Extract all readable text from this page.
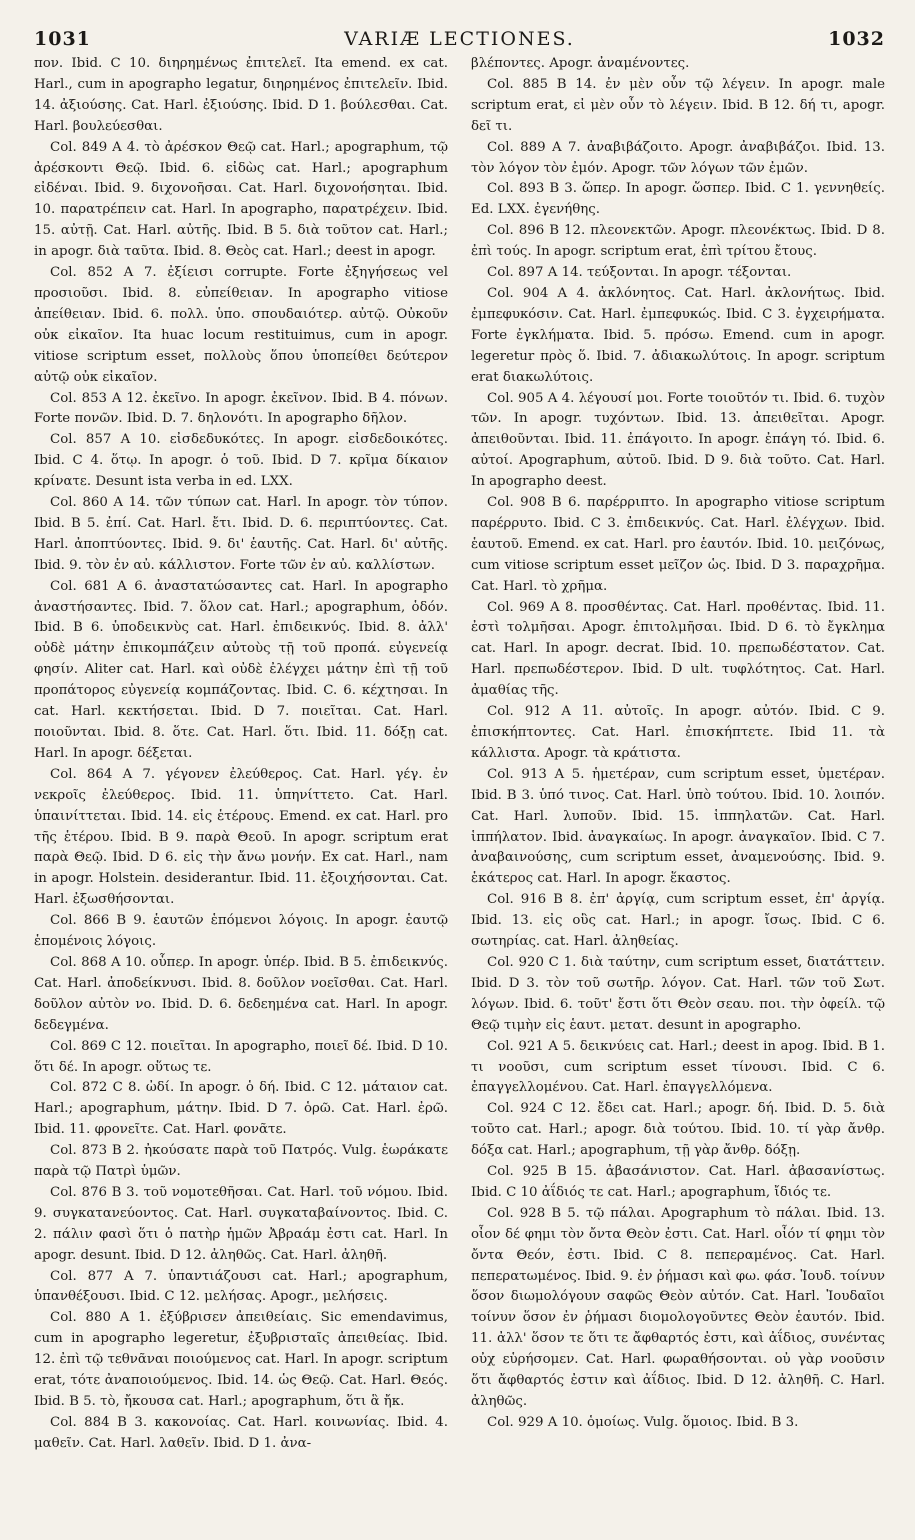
1031	VARIÆ LECTIONES.	1032

πον. Ibid. C 10. διηρημένως ἐπιτελεῖ. Ita emend. ex cat. Harl., cum in apographo legatur, διηρημένος ἐπιτελεῖν. Ibid. 14. ἀξιούσης. Cat. Harl. ἐξιούσης. Ibid. D 1. βούλεσθαι. Cat. Harl. βουλεύεσθαι.

Col. 849 A 4. τὸ ἀρέσκον Θεῷ cat. Harl.; apographum, τῷ ἀρέσκοντι Θεῷ. Ibid. 6. εἰδὼς cat. Harl.; apographum εἰδέναι. Ibid. 9. διχονοῆσαι. Cat. Harl. διχονοήσηται. Ibid. 10. παρατρέπειν cat. Harl. In apographo, παρατρέχειν. Ibid. 15. αὐτῇ. Cat. Harl. αὐτῆς. Ibid. B 5. διὰ τοῦτον cat. Harl.; in apogr. διὰ ταῦτα. Ibid. 8. Θεὸς cat. Harl.; deest in apogr.

Col. 852 A 7. ἐξίεισι corrupte. Forte ἐξηγήσεως vel προσιοῦσι. Ibid. 8. εὐπείθειαν. In apographo vitiose ἀπείθειαν. Ibid. 6. πολλ. ὑπο. σπουδαιότερ. αὐτῷ. Οὐκοῦν οὐκ εἰκαῖον. Ita huac locum restituimus, cum in apogr. vitiose scriptum esset, πολλοὺς ὅπου ὑποπείθει δεύτερον αὐτῷ οὐκ εἰκαῖον.

Col. 853 A 12. ἐκεῖνο. In apogr. ἐκεῖνον. Ibid. B 4. πόνων. Forte πονῶν. Ibid. D. 7. δηλονότι. In apographo δῆλον.

Col. 857 A 10. εἰσδεδυκότες. In apogr. εἰσδεδοικότες. Ibid. C 4. ὅτῳ. In apogr. ὁ τοῦ. Ibid. D 7. κρῖμα δίκαιον κρίνατε. Desunt ista verba in ed. LXX.

Col. 860 A 14. τῶν τύπων cat. Harl. In apogr. τὸν τύπον. Ibid. B 5. ἐπί. Cat. Harl. ἔτι. Ibid. D. 6. περιπτύοντες. Cat. Harl. ἀποπτύοντες. Ibid. 9. δι' ἑαυτῆς. Cat. Harl. δι' αὐτῆς. Ibid. 9. τὸν ἐν αὐ. κάλλιστον. Forte τῶν ἐν αὐ. καλλίστων.

Col. 681 A 6. ἀναστατώσαντες cat. Harl. In apographo ἀναστήσαντες. Ibid. 7. ὅλον cat. Harl.; apographum, ὁδόν. Ibid. B 6. ὑποδεικνὺς cat. Harl. ἐπιδεικνύς. Ibid. 8. ἀλλ' οὐδὲ μάτην ἐπικομπάζειν αὐτοὺς τῇ τοῦ προπά. εὐγενείᾳ φησίν. Aliter cat. Harl. καὶ οὐδὲ ἐλέγχει μάτην ἐπὶ τῇ τοῦ προπάτορος εὐγενείᾳ κομπάζοντας. Ibid. C. 6. κέχτησαι. In cat. Harl. κεκτήσεται. Ibid. D 7. ποιεῖται. Cat. Harl. ποιοῦνται. Ibid. 8. ὅτε. Cat. Harl. ὅτι. Ibid. 11. δόξῃ cat. Harl. In apogr. δέξεται.

Col. 864 A 7. γέγονεν ἐλεύθερος. Cat. Harl. γέγ. ἐν νεκροῖς ἐλεύθερος. Ibid. 11. ὑπηνίττετο. Cat. Harl. ὑπαινίττεται. Ibid. 14. εἰς ἑτέρους. Emend. ex cat. Harl. pro τῆς ἑτέρου. Ibid. B 9. παρὰ Θεοῦ. In apogr. scriptum erat παρὰ Θεῷ. Ibid. D 6. εἰς τὴν ἄνω μονήν. Ex cat. Harl., nam in apogr. Holstein. desiderantur. Ibid. 11. ἐξοιχήσονται. Cat. Harl. ἐξωσθήσονται.

Col. 866 B 9. ἑαυτῶν ἑπόμενοι λόγοις. In apogr. ἑαυτῷ ἑπομένοις λόγοις.

Col. 868 A 10. οὗπερ. In apogr. ὑπέρ. Ibid. B 5. ἐπιδεικνύς. Cat. Harl. ἀποδείκνυσι. Ibid. 8. δοῦλον νοεῖσθαι. Cat. Harl. δοῦλον αὐτὸν νο. Ibid. D. 6. δεδεημένα cat. Harl. In apogr. δεδεγμένα.

Col. 869 C 12. ποιεῖται. In apographo, ποιεῖ δέ. Ibid. D 10. ὅτι δέ. In apogr. οὕτως τε.

Col. 872 C 8. ὠδί. In apogr. ὁ δή. Ibid. C 12. μάταιον cat. Harl.; apographum, μάτην. Ibid. D 7. ὁρῶ. Cat. Harl. ἐρῶ. Ibid. 11. φρονεῖτε. Cat. Harl. φονᾶτε.

Col. 873 B 2. ἠκούσατε παρὰ τοῦ Πατρός. Vulg. ἑωράκατε παρὰ τῷ Πατρὶ ὑμῶν.

Col. 876 B 3. τοῦ νομοτεθῆσαι. Cat. Harl. τοῦ νόμου. Ibid. 9. συγκατανεύοντος. Cat. Harl. συγκαταβαίνοντος. Ibid. C. 2. πάλιν φασὶ ὅτι ὁ πατὴρ ἡμῶν Ἀβραάμ ἐστι cat. Harl. In apogr. desunt. Ibid. D 12. ἀληθῶς. Cat. Harl. ἀληθῆ.

Col. 877 A 7. ὑπαντιάζουσι cat. Harl.; apographum, ὑπανθέξουσι. Ibid. C 12. μελήσας. Apogr., μελήσεις.

Col. 880 A 1. ἐξύβρισεν ἀπειθείαις. Sic emendavimus, cum in apographo legeretur, ἐξυβρισταῖς ἀπειθείας. Ibid. 12. ἐπὶ τῷ τεθνᾶναι ποιούμενος cat. Harl. In apogr. scriptum erat, τότε ἀναποιούμενος. Ibid. 14. ὡς Θεῷ. Cat. Harl. Θεός. Ibid. B 5. τὸ, ἤκουσα cat. Harl.; apographum, ὅτι ἃ ἤκ.

Col. 884 B 3. κακονοίας. Cat. Harl. κοινωνίας. Ibid. 4. μαθεῖν. Cat. Harl. λαθεῖν. Ibid. D 1. ἀνα-

βλέποντες. Apogr. ἀναμένοντες.

Col. 885 B 14. ἐν μὲν οὖν τῷ λέγειν. In apogr. male scriptum erat, εἰ μὲν οὖν τὸ λέγειν. Ibid. B 12. δή τι, apogr. δεῖ τι.

Col. 889 A 7. ἀναβιβάζοιτο. Apogr. ἀναβιβάζοι. Ibid. 13. τὸν λόγον τὸν ἐμόν. Apogr. τῶν λόγων τῶν ἐμῶν.

Col. 893 B 3. ὥπερ. In apogr. ὥσπερ. Ibid. C 1. γεννηθείς. Ed. LXX. ἐγενήθης.

Col. 896 B 12. πλεονεκτῶν. Apogr. πλεονέκτως. Ibid. D 8. ἐπὶ τούς. In apogr. scriptum erat, ἐπὶ τρίτου ἔτους.

Col. 897 A 14. τεύξονται. In apogr. τέξονται.

Col. 904 A 4. ἀκλόνητος. Cat. Harl. ἀκλονήτως. Ibid. ἐμπεφυκόσιν. Cat. Harl. ἐμπεφυκώς. Ibid. C 3. ἐγχειρήματα. Forte ἐγκλήματα. Ibid. 5. πρόσω. Emend. cum in apogr. legeretur πρὸς ὅ. Ibid. 7. ἀδιακωλύτοις. In apogr. scriptum erat διακωλύτοις.

Col. 905 A 4. λέγουσί μοι. Forte τοιοῦτόν τι. Ibid. 6. τυχὸν τῶν. In apogr. τυχόντων. Ibid. 13. ἀπειθεῖται. Apogr. ἀπειθοῦνται. Ibid. 11. ἐπάγοιτο. In apogr. ἐπάγη τό. Ibid. 6. αὐτοί. Apographum, αὐτοῦ. Ibid. D 9. διὰ τοῦτο. Cat. Harl. In apographo deest.

Col. 908 B 6. παρέρριπτο. In apographo vitiose scriptum παρέρρυτο. Ibid. C 3. ἐπιδεικνύς. Cat. Harl. ἐλέγχων. Ibid. ἑαυτοῦ. Emend. ex cat. Harl. pro ἑαυτόν. Ibid. 10. μειζόνως, cum vitiose scriptum esset μεῖζον ὡς. Ibid. D 3. παραχρῆμα. Cat. Harl. τὸ χρῆμα.

Col. 969 A 8. προσθέντας. Cat. Harl. προθέντας. Ibid. 11. ἐστὶ τολμῆσαι. Apogr. ἐπιτολμῆσαι. Ibid. D 6. τὸ ἔγκλημα cat. Harl. In apogr. decrat. Ibid. 10. πρεπωδέστατον. Cat. Harl. πρεπωδέστερον. Ibid. D ult. τυφλότητος. Cat. Harl. ἀμαθίας τῆς.

Col. 912 A 11. αὐτοῖς. In apogr. αὐτόν. Ibid. C 9. ἐπισκήπτοντες. Cat. Harl. ἐπισκήπτετε. Ibid 11. τὰ κάλλιστα. Apogr. τὰ κράτιστα.

Col. 913 A 5. ἡμετέραν, cum scriptum esset, ὑμετέραν. Ibid. B 3. ὑπό τινος. Cat. Harl. ὑπὸ τούτου. Ibid. 10. λοιπόν. Cat. Harl. λυποῦν. Ibid. 15. ἱππηλατῶν. Cat. Harl. ἱππήλατον. Ibid. ἀναγκαίως. In apogr. ἀναγκαῖον. Ibid. C 7. ἀναβαινούσης, cum scriptum esset, ἀναμενούσης. Ibid. 9. ἑκάτερος cat. Harl. In apogr. ἕκαστος.

Col. 916 B 8. ἐπ' ἀργίᾳ, cum scriptum esset, ἐπ' ἀργίᾳ. Ibid. 13. εἰς οὓς cat. Harl.; in apogr. ἴσως. Ibid. C 6. σωτηρίας. cat. Harl. ἀληθείας.

Col. 920 C 1. διὰ ταύτην, cum scriptum esset, διατάττειν. Ibid. D 3. τὸν τοῦ σωτῆρ. λόγον. Cat. Harl. τῶν τοῦ Σωτ. λόγων. Ibid. 6. τοῦτ' ἔστι ὅτι Θεὸν σεαυ. ποι. τὴν ὀφείλ. τῷ Θεῷ τιμὴν εἰς ἑαυτ. μετατ. desunt in apographo.

Col. 921 A 5. δεικνύεις cat. Harl.; deest in apog. Ibid. B 1. τι νοοῦσι, cum scriptum esset τίνουσι. Ibid. C 6. ἐπαγγελλομένου. Cat. Harl. ἐπαγγελλόμενα.

Col. 924 C 12. ἔδει cat. Harl.; apogr. δή. Ibid. D. 5. διὰ τοῦτο cat. Harl.; apogr. διὰ τούτου. Ibid. 10. τί γὰρ ἄνθρ. δόξα cat. Harl.; apographum, τῇ γὰρ ἄνθρ. δόξῃ.

Col. 925 B 15. ἀβασάνιστον. Cat. Harl. ἀβασανίστως. Ibid. C 10 ἀΐδιός τε cat. Harl.; apographum, ἴδιός τε.

Col. 928 B 5. τῷ πάλαι. Apographum τὸ πάλαι. Ibid. 13. οἶον δέ φημι τὸν ὄντα Θεὸν ἐστι. Cat. Harl. οἶόν τί φημι τὸν ὄντα Θεόν, ἐστι. Ibid. C 8. πεπεραμένος. Cat. Harl. πεπερατωμένος. Ibid. 9. ἐν ῥήμασι καὶ φω. φάσ. Ἰουδ. τοίνυν ὅσον διωμολόγουν σαφῶς Θεὸν αὐτόν. Cat. Harl. Ἰουδαῖοι τοίνυν ὅσον ἐν ῥήμασι διομολογοῦντες Θεὸν ἑαυτόν. Ibid. 11. ἀλλ' ὅσον τε ὅτι τε ἄφθαρτός ἐστι, καὶ ἀΐδιος, συνέντας οὐχ εὑρήσομεν. Cat. Harl. φωραθήσονται. οὐ γὰρ νοοῦσιν ὅτι ἄφθαρτός ἐστιν καὶ ἀΐδιος. Ibid. D 12. ἀληθῆ. C. Harl. ἀληθῶς.

Col. 929 A 10. ὁμοίως. Vulg. ὅμοιος. Ibid. B 3.
